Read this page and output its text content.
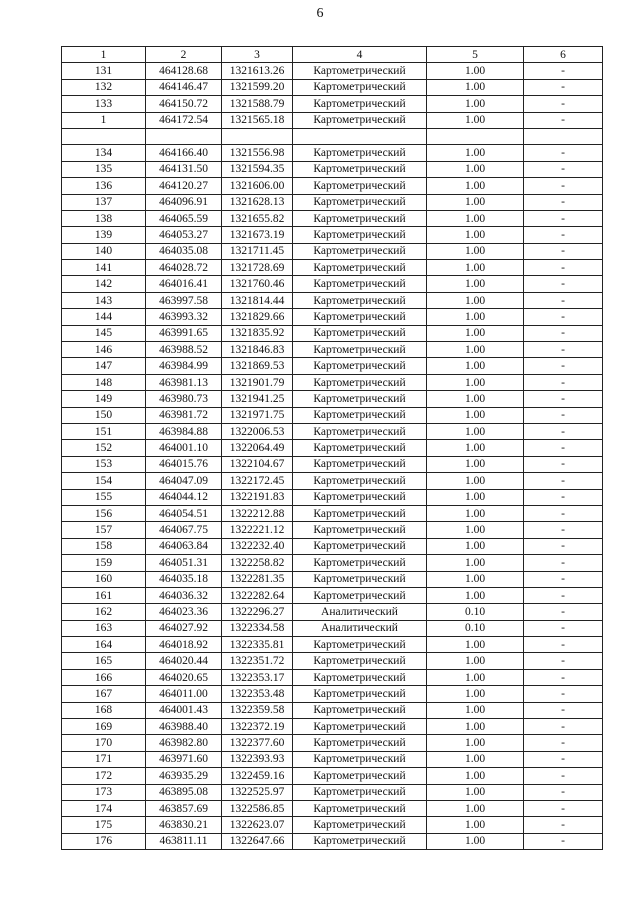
6
1	2	3	4	5	6
131	464128.68	1321613.26	Картометрический	1.00	-
132	464146.47	1321599.20	Картометрический	1.00	-
133	464150.72	1321588.79	Картометрический	1.00	-
1	464172.54	1321565.18	Картометрический	1.00	-

134	464166.40	1321556.98	Картометрический	1.00	-
135	464131.50	1321594.35	Картометрический	1.00	-
136	464120.27	1321606.00	Картометрический	1.00	-
137	464096.91	1321628.13	Картометрический	1.00	-
138	464065.59	1321655.82	Картометрический	1.00	-
139	464053.27	1321673.19	Картометрический	1.00	-
140	464035.08	1321711.45	Картометрический	1.00	-
141	464028.72	1321728.69	Картометрический	1.00	-
142	464016.41	1321760.46	Картометрический	1.00	-
143	463997.58	1321814.44	Картометрический	1.00	-
144	463993.32	1321829.66	Картометрический	1.00	-
145	463991.65	1321835.92	Картометрический	1.00	-
146	463988.52	1321846.83	Картометрический	1.00	-
147	463984.99	1321869.53	Картометрический	1.00	-
148	463981.13	1321901.79	Картометрический	1.00	-
149	463980.73	1321941.25	Картометрический	1.00	-
150	463981.72	1321971.75	Картометрический	1.00	-
151	463984.88	1322006.53	Картометрический	1.00	-
152	464001.10	1322064.49	Картометрический	1.00	-
153	464015.76	1322104.67	Картометрический	1.00	-
154	464047.09	1322172.45	Картометрический	1.00	-
155	464044.12	1322191.83	Картометрический	1.00	-
156	464054.51	1322212.88	Картометрический	1.00	-
157	464067.75	1322221.12	Картометрический	1.00	-
158	464063.84	1322232.40	Картометрический	1.00	-
159	464051.31	1322258.82	Картометрический	1.00	-
160	464035.18	1322281.35	Картометрический	1.00	-
161	464036.32	1322282.64	Картометрический	1.00	-
162	464023.36	1322296.27	Аналитический	0.10	-
163	464027.92	1322334.58	Аналитический	0.10	-
164	464018.92	1322335.81	Картометрический	1.00	-
165	464020.44	1322351.72	Картометрический	1.00	-
166	464020.65	1322353.17	Картометрический	1.00	-
167	464011.00	1322353.48	Картометрический	1.00	-
168	464001.43	1322359.58	Картометрический	1.00	-
169	463988.40	1322372.19	Картометрический	1.00	-
170	463982.80	1322377.60	Картометрический	1.00	-
171	463971.60	1322393.93	Картометрический	1.00	-
172	463935.29	1322459.16	Картометрический	1.00	-
173	463895.08	1322525.97	Картометрический	1.00	-
174	463857.69	1322586.85	Картометрический	1.00	-
175	463830.21	1322623.07	Картометрический	1.00	-
176	463811.11	1322647.66	Картометрический	1.00	-
